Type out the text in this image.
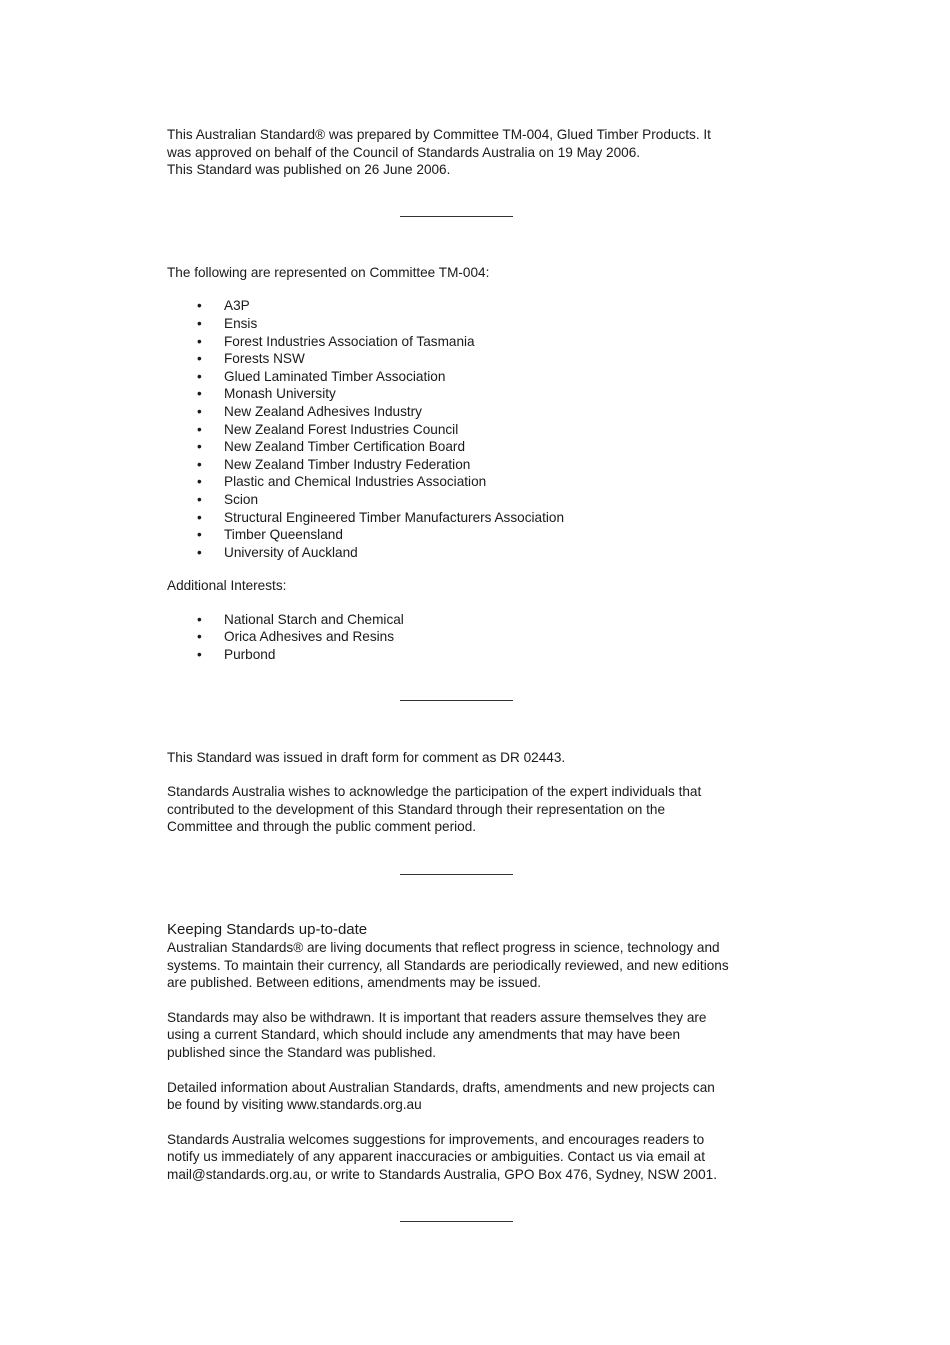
This Australian Standard® was prepared by Committee TM-004, Glued Timber Products. It

was approved on behalf of the Council of Standards Australia on 19 May 2006.

This Standard was published on 26 June 2006.

The following are represented on Committee TM-004:

• A3P
• Ensis
• Forest Industries Association of Tasmania
• Forests NSW
• Glued Laminated Timber Association
• Monash University
• New Zealand Adhesives Industry
• New Zealand Forest Industries Council
• New Zealand Timber Certification Board
• New Zealand Timber Industry Federation
• Plastic and Chemical Industries Association
• Scion
• Structural Engineered Timber Manufacturers Association
• Timber Queensland
• University of Auckland

Additional Interests:

• National Starch and Chemical
• Orica Adhesives and Resins
• Purbond

This Standard was issued in draft form for comment as DR 02443.

Standards Australia wishes to acknowledge the participation of the expert individuals that

contributed to the development of this Standard through their representation on the

Committee and through the public comment period.

Keeping Standards up-to-date

Australian Standards® are living documents that reflect progress in science, technology and

systems. To maintain their currency, all Standards are periodically reviewed, and new editions

are published. Between editions, amendments may be issued.

Standards may also be withdrawn. It is important that readers assure themselves they are

using a current Standard, which should include any amendments that may have been

published since the Standard was published.

Detailed information about Australian Standards, drafts, amendments and new projects can

be found by visiting www.standards.org.au

Standards Australia welcomes suggestions for improvements, and encourages readers to

notify us immediately of any apparent inaccuracies or ambiguities. Contact us via email at

mail@standards.org.au, or write to Standards Australia, GPO Box 476, Sydney, NSW 2001.
